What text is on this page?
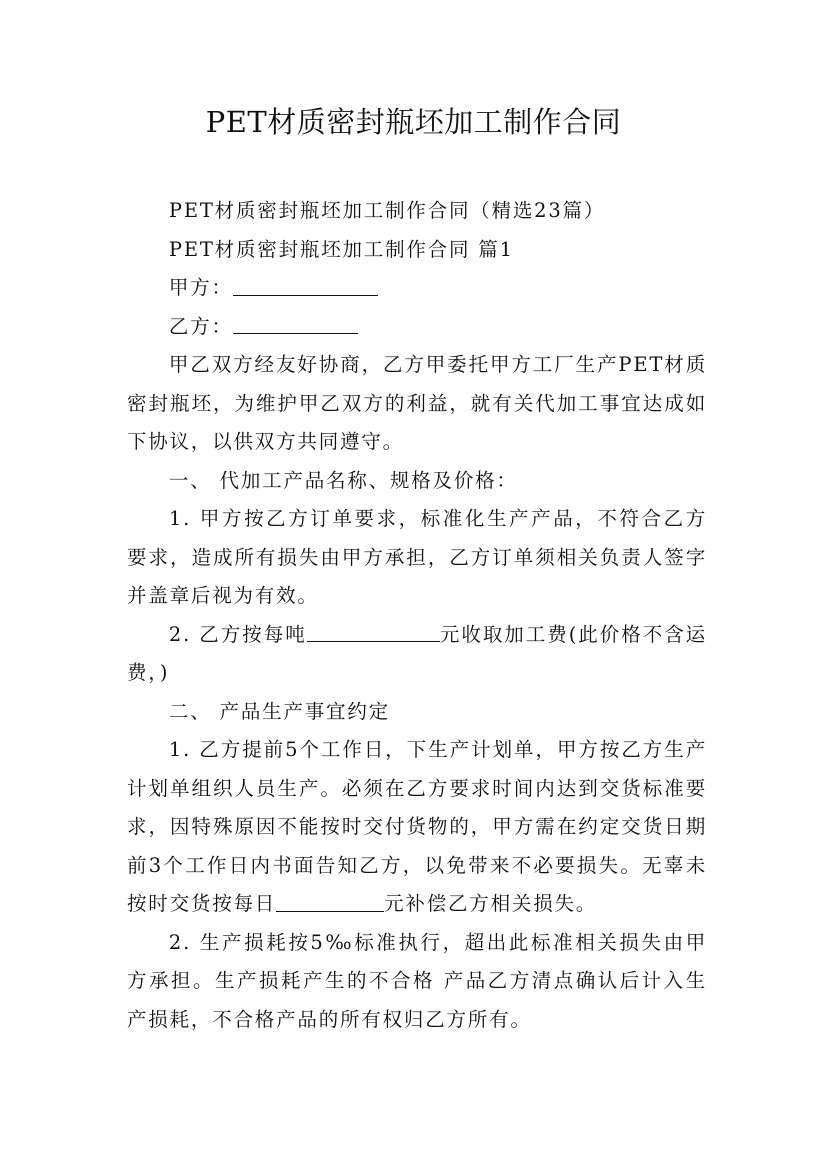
PET材质密封瓶坯加工制作合同

PET材质密封瓶坯加工制作合同（精选23篇）

PET材质密封瓶坯加工制作合同 篇1

甲方：

乙方：

甲乙双方经友好协商，乙方甲委托甲方工厂生产PET材质密封瓶坯，为维护甲乙双方的利益，就有关代加工事宜达成如下协议，以供双方共同遵守。

一、 代加工产品名称、规格及价格：

1. 甲方按乙方订单要求，标准化生产产品，不符合乙方要求，造成所有损失由甲方承担，乙方订单须相关负责人签字并盖章后视为有效。

2. 乙方按每吨	元收取加工费(此价格不含运费，)

二、 产品生产事宜约定

1. 乙方提前5个工作日，下生产计划单，甲方按乙方生产计划单组织人员生产。必须在乙方要求时间内达到交货标准要求，因特殊原因不能按时交付货物的，甲方需在约定交货日期前3个工作日内书面告知乙方，以免带来不必要损失。无辜未按时交货按每日	元补偿乙方相关损失。

2. 生产损耗按5‰标准执行，超出此标准相关损失由甲方承担。生产损耗产生的不合格 产品乙方清点确认后计入生产损耗，不合格产品的所有权归乙方所有。
